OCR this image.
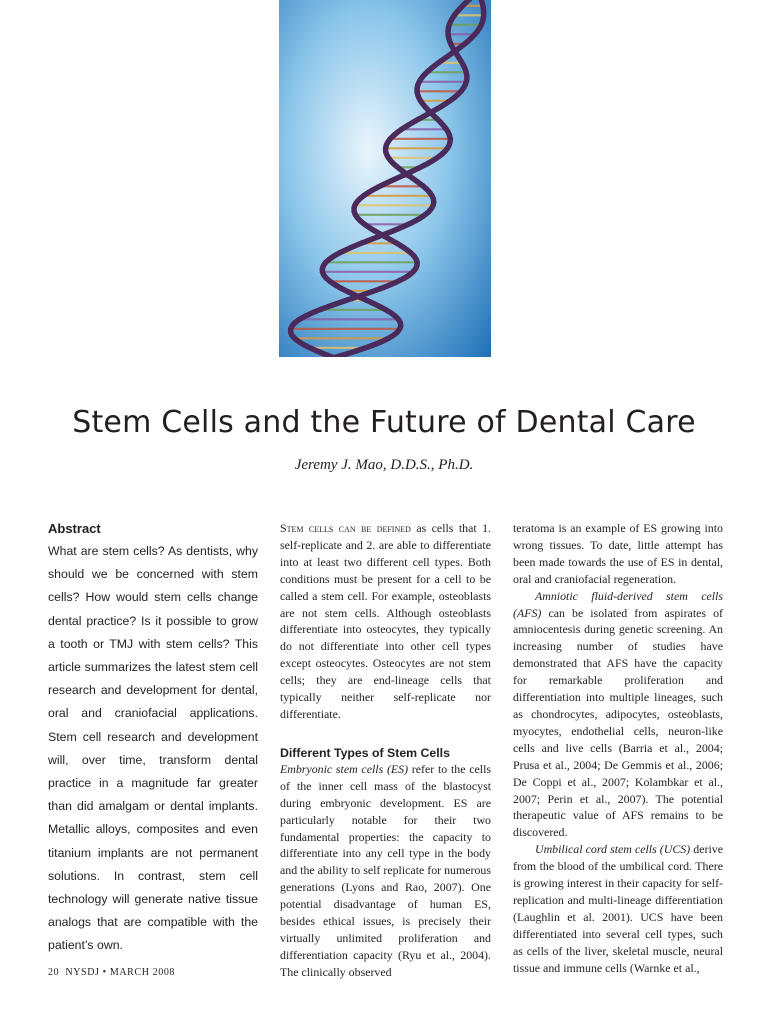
Stem Cells and the Future of Dental Care
Jeremy J. Mao, D.D.S., Ph.D.
Abstract

What are stem cells? As dentists, why should we be concerned with stem cells? How would stem cells change dental practice? Is it possible to grow a tooth or TMJ with stem cells? This article summarizes the latest stem cell research and development for dental, oral and craniofacial applications. Stem cell research and development will, over time, transform dental practice in a magnitude far greater than did amalgam or dental implants. Metallic alloys, composites and even titanium implants are not permanent solutions. In contrast, stem cell technology will generate native tissue analogs that are compatible with the patient’s own.

Stem cells can be defined as cells that 1. self-replicate and 2. are able to differentiate into at least two different cell types. Both conditions must be present for a cell to be called a stem cell. For example, osteoblasts are not stem cells. Although osteoblasts differentiate into osteocytes, they typically do not differentiate into other cell types except osteocytes. Osteocytes are not stem cells; they are end-lineage cells that typically neither self-replicate nor differentiate.

Different Types of Stem Cells

Embryonic stem cells (ES) refer to the cells of the inner cell mass of the blastocyst during embryonic development. ES are particularly notable for their two fundamental properties: the capacity to differentiate into any cell type in the body and the ability to self replicate for numerous generations (Lyons and Rao, 2007). One potential disadvantage of human ES, besides ethical issues, is precisely their virtually unlimited proliferation and differentiation capacity (Ryu et al., 2004). The clinically observed

teratoma is an example of ES growing into wrong tissues. To date, little attempt has been made towards the use of ES in dental, oral and craniofacial regeneration.

Amniotic fluid-derived stem cells (AFS) can be isolated from aspirates of amniocentesis during genetic screening. An increasing number of studies have demonstrated that AFS have the capacity for remarkable proliferation and differentiation into multiple lineages, such as chondrocytes, adipocytes, osteoblasts, myocytes, endothelial cells, neuron-like cells and live cells (Barria et al., 2004; Prusa et al., 2004; De Gemmis et al., 2006; De Coppi et al., 2007; Kolambkar et al., 2007; Perin et al., 2007). The potential therapeutic value of AFS remains to be discovered.

Umbilical cord stem cells (UCS) derive from the blood of the umbilical cord. There is growing interest in their capacity for self-replication and multi-lineage differentiation (Laughlin et al. 2001). UCS have been differentiated into several cell types, such as cells of the liver, skeletal muscle, neural tissue and immune cells (Warnke et al.,

20 NYSDJ • MARCH 2008
